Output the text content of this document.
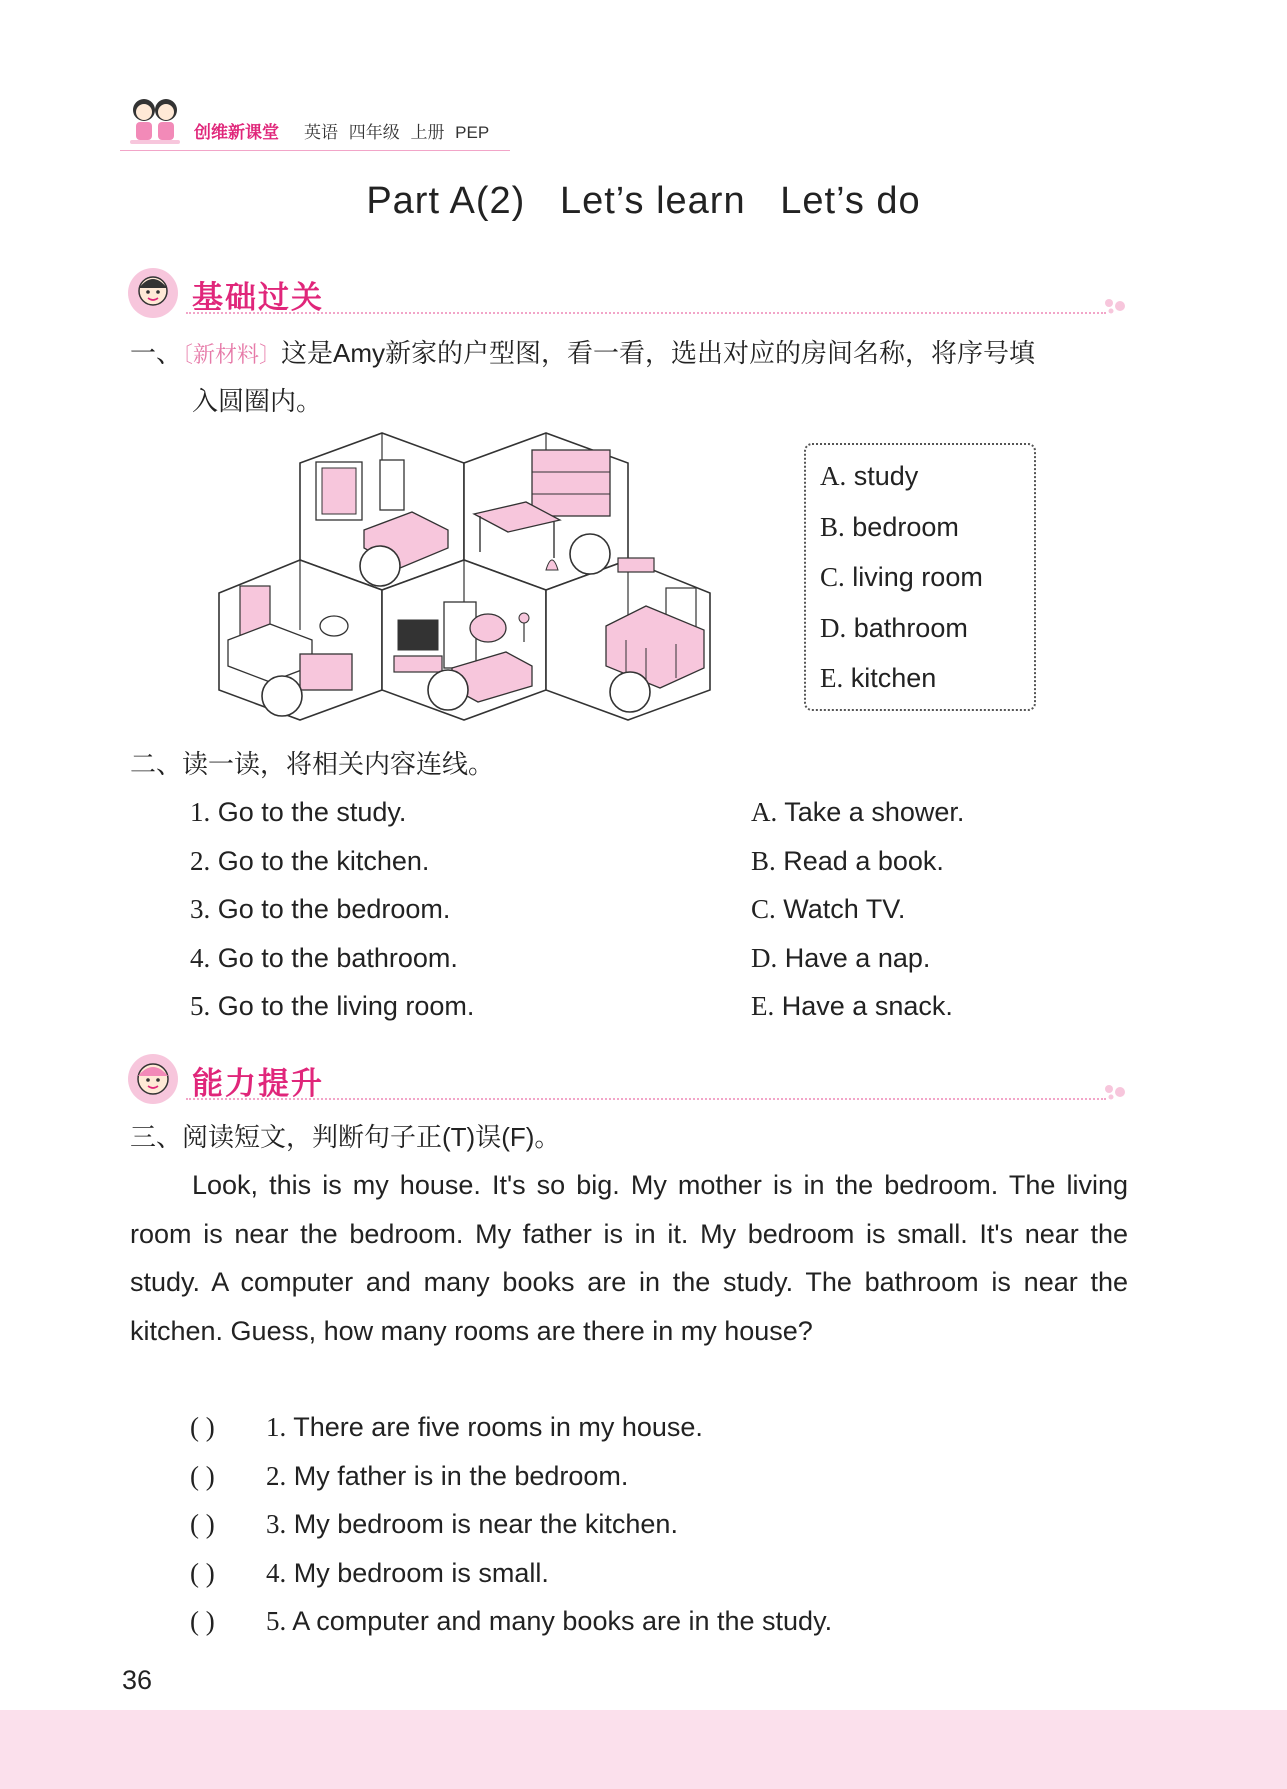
创维新课堂 英语 四年级 上册 PEP
Part A(2)   Let’s learn   Let’s do
基础过关
一、〔新材料〕这是Amy新家的户型图，看一看，选出对应的房间名称，将序号填
入圆圈内。
A. study
B. bedroom
C. living room
D. bathroom
E. kitchen
二、读一读，将相关内容连线。
1. Go to the study.
2. Go to the kitchen.
3. Go to the bedroom.
4. Go to the bathroom.
5. Go to the living room.
A. Take a shower.
B. Read a book.
C. Watch TV.
D. Have a nap.
E. Have a snack.
能力提升
三、阅读短文，判断句子正(T)误(F)。
Look, this is my house. It's so big. My mother is in the bedroom. The living room is near the bedroom. My father is in it. My bedroom is small. It's near the study. A computer and many books are in the study. The bathroom is near the kitchen. Guess, how many rooms are there in my house?
( ) 1. There are five rooms in my house.
( ) 2. My father is in the bedroom.
( ) 3. My bedroom is near the kitchen.
( ) 4. My bedroom is small.
( ) 5. A computer and many books are in the study.
36
